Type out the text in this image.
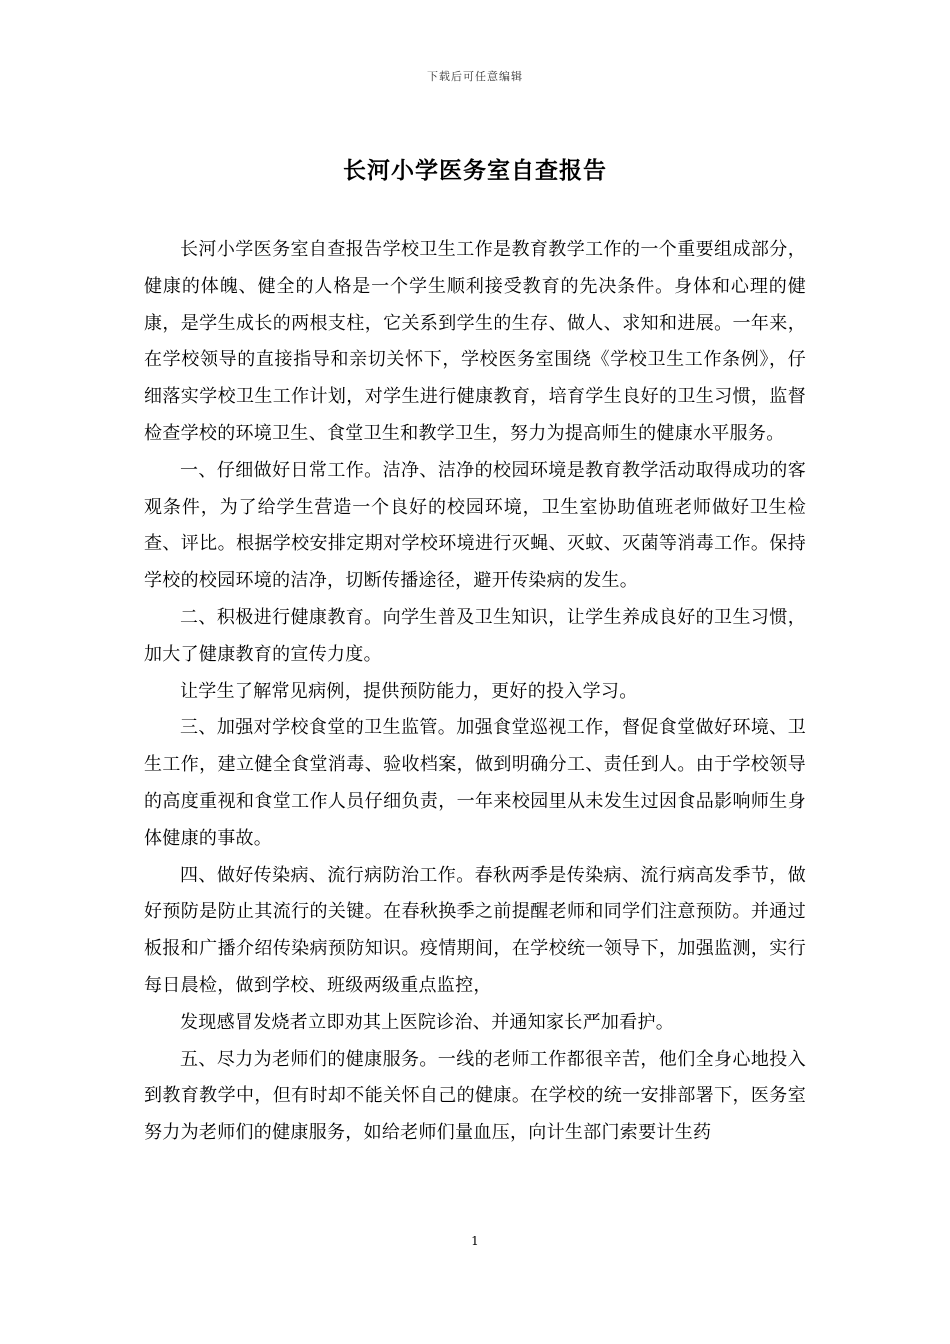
下载后可任意编辑
长河小学医务室自查报告

长河小学医务室自查报告学校卫生工作是教育教学工作的一个重要组成部分，健康的体魄、健全的人格是一个学生顺利接受教育的先决条件。身体和心理的健康，是学生成长的两根支柱，它关系到学生的生存、做人、求知和进展。一年来，在学校领导的直接指导和亲切关怀下，学校医务室围绕《学校卫生工作条例》，仔细落实学校卫生工作计划，对学生进行健康教育，培育学生良好的卫生习惯，监督检查学校的环境卫生、食堂卫生和教学卫生，努力为提高师生的健康水平服务。

一、仔细做好日常工作。洁净、洁净的校园环境是教育教学活动取得成功的客观条件，为了给学生营造一个良好的校园环境，卫生室协助值班老师做好卫生检查、评比。根据学校安排定期对学校环境进行灭蝇、灭蚊、灭菌等消毒工作。保持学校的校园环境的洁净，切断传播途径，避开传染病的发生。

二、积极进行健康教育。向学生普及卫生知识，让学生养成良好的卫生习惯，加大了健康教育的宣传力度。

让学生了解常见病例，提供预防能力，更好的投入学习。

三、加强对学校食堂的卫生监管。加强食堂巡视工作，督促食堂做好环境、卫生工作，建立健全食堂消毒、验收档案，做到明确分工、责任到人。由于学校领导的高度重视和食堂工作人员仔细负责，一年来校园里从未发生过因食品影响师生身体健康的事故。

四、做好传染病、流行病防治工作。春秋两季是传染病、流行病高发季节，做好预防是防止其流行的关键。在春秋换季之前提醒老师和同学们注意预防。并通过板报和广播介绍传染病预防知识。疫情期间，在学校统一领导下，加强监测，实行每日晨检，做到学校、班级两级重点监控，

发现感冒发烧者立即劝其上医院诊治、并通知家长严加看护。

五、尽力为老师们的健康服务。一线的老师工作都很辛苦，他们全身心地投入到教育教学中，但有时却不能关怀自己的健康。在学校的统一安排部署下，医务室努力为老师们的健康服务，如给老师们量血压，向计生部门索要计生药

1
